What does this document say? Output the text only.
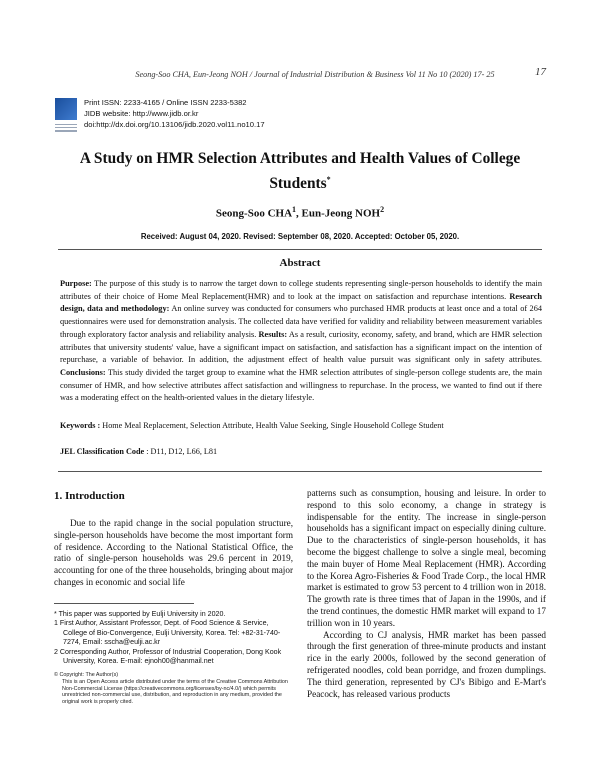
Seong-Soo CHA, Eun-Jeong NOH / Journal of Industrial Distribution & Business Vol 11 No 10 (2020) 17- 25	17
Print ISSN: 2233-4165 / Online ISSN 2233-5382
JIDB website: http://www.jidb.or.kr
doi:http://dx.doi.org/10.13106/jidb.2020.vol11.no10.17
A Study on HMR Selection Attributes and Health Values of College Students*
Seong-Soo CHA$^1$, Eun-Jeong NOH$^2$
Received: August 04, 2020. Revised: September 08, 2020. Accepted: October 05, 2020.
Abstract
Purpose: The purpose of this study is to narrow the target down to college students representing single-person households to identify the main attributes of their choice of Home Meal Replacement(HMR) and to look at the impact on satisfaction and repurchase intentions. Research design, data and methodology: An online survey was conducted for consumers who purchased HMR products at least once and a total of 264 questionnaires were used for demonstration analysis. The collected data have verified for validity and reliability between measurement variables through exploratory factor analysis and reliability analysis. Results: As a result, curiosity, economy, safety, and brand, which are HMR selection attributes that university students' value, have a significant impact on satisfaction, and satisfaction has a significant impact on the intention of repurchase, a variable of behavior. In addition, the adjustment effect of health value pursuit was significant only in safety attributes. Conclusions: This study divided the target group to examine what the HMR selection attributes of single-person college students are, the main consumer of HMR, and how selective attributes affect satisfaction and willingness to repurchase. In the process, we wanted to find out if there was a moderating effect on the health-oriented values in the dietary lifestyle.
Keywords : Home Meal Replacement, Selection Attribute, Health Value Seeking, Single Household College Student
JEL Classification Code : D11, D12, L66, L81
1. Introduction

Due to the rapid change in the social population structure, single-person households have become the most important form of residence. According to the National Statistical Office, the ratio of single-person households was 29.6 percent in 2019, accounting for one of the three households, bringing about major changes in economic and social life

* This paper was supported by Eulji University in 2020.
1 First Author, Assistant Professor, Dept. of Food Science & Service, College of Bio-Convergence, Eulji University, Korea. Tel: +82-31-740-7274, Email: sscha@eulji.ac.kr
2 Corresponding Author, Professor of Industrial Cooperation, Dong Kook University, Korea. E-mail: ejnoh00@hanmail.net
© Copyright: The Author(s)
This is an Open Access article distributed under the terms of the Creative Commons Attribution Non-Commercial License (https://creativecommons.org/licenses/by-nc/4.0/) which permits unrestricted non-commercial use, distribution, and reproduction in any medium, provided the original work is properly cited.

patterns such as consumption, housing and leisure. In order to respond to this solo economy, a change in strategy is indispensable for the entity. The increase in single-person households has a significant impact on especially dining culture. Due to the characteristics of single-person households, it has become the biggest challenge to solve a single meal, becoming the main buyer of Home Meal Replacement (HMR). According to the Korea Agro-Fisheries & Food Trade Corp., the local HMR market is estimated to grow 53 percent to 4 trillion won in 2018. The growth rate is three times that of Japan in the 1990s, and if the trend continues, the domestic HMR market will expand to 17 trillion won in 10 years.

According to CJ analysis, HMR market has been passed through the first generation of three-minute products and instant rice in the early 2000s, followed by the second generation of refrigerated noodles, cold bean porridge, and frozen dumplings. The third generation, represented by CJ's Bibigo and E-Mart's Peacock, has released various products
